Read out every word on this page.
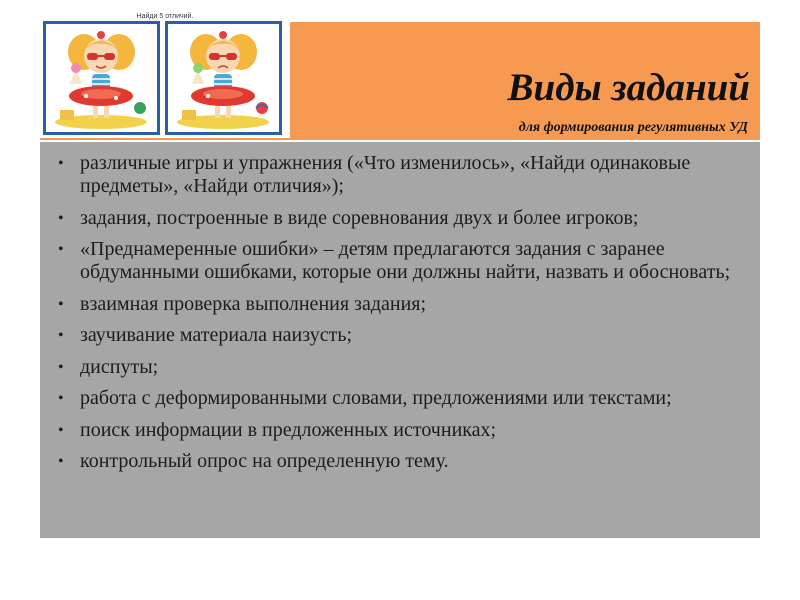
Виды заданий

для формирования регулятивных УД

Найди 5 отличий.
• различные игры и упражнения («Что изменилось», «Найди одинаковые предметы», «Найди отличия»);
• задания, построенные в виде соревнования двух и более игроков;
• «Преднамеренные ошибки» – детям предлагаются задания с заранее обдуманными ошибками, которые они должны найти, назвать и обосновать;
• взаимная проверка выполнения задания;
• заучивание материала наизусть;
• диспуты;
• работа с деформированными словами, предложениями или текстами;
• поиск информации в предложенных источниках;
• контрольный опрос на определенную тему.
